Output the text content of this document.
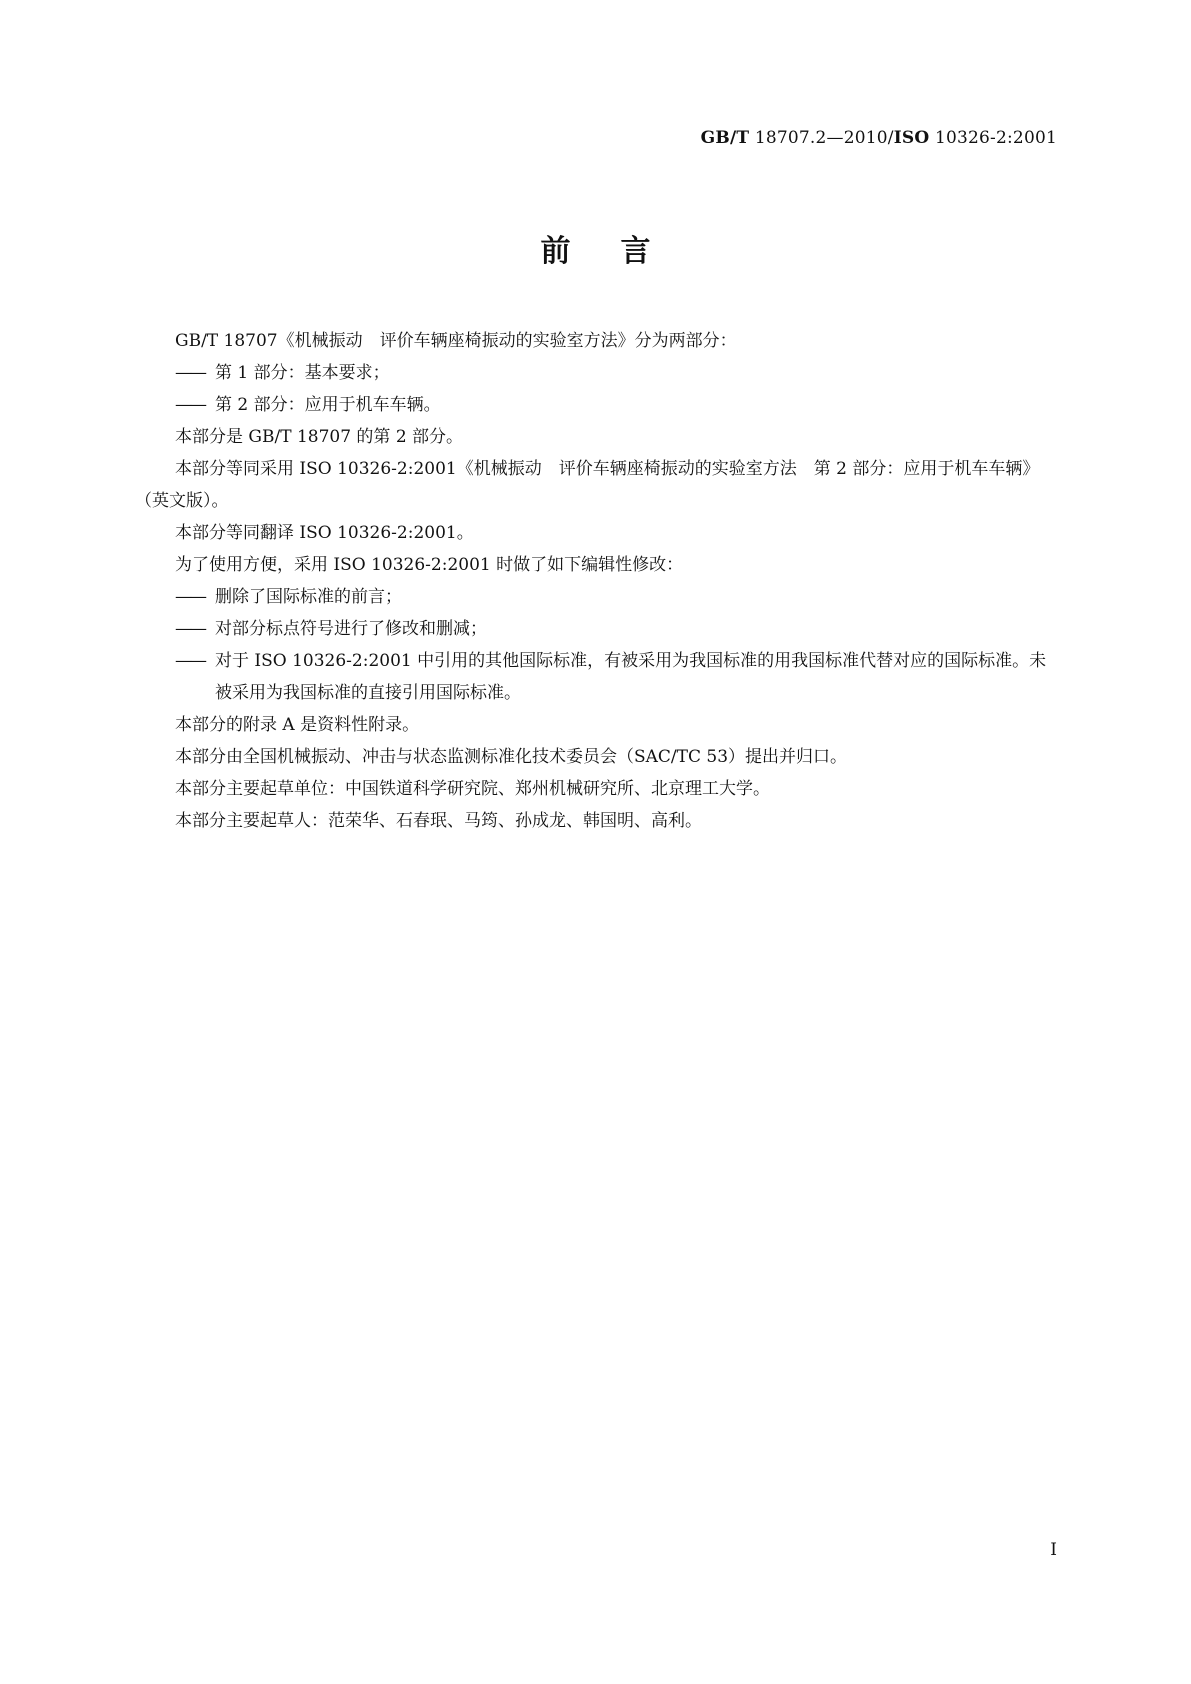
GB/T 18707.2—2010/ISO 10326-2:2001
前言

GB/T 18707《机械振动　评价车辆座椅振动的实验室方法》分为两部分：

—— 第 1 部分：基本要求；

—— 第 2 部分：应用于机车车辆。

本部分是 GB/T 18707 的第 2 部分。

本部分等同采用 ISO 10326-2:2001《机械振动　评价车辆座椅振动的实验室方法　第 2 部分：应用于机车车辆》（英文版）。

本部分等同翻译 ISO 10326-2:2001。

为了使用方便，采用 ISO 10326-2:2001 时做了如下编辑性修改：

—— 删除了国际标准的前言；

—— 对部分标点符号进行了修改和删减；

—— 对于 ISO 10326-2:2001 中引用的其他国际标准，有被采用为我国标准的用我国标准代替对应的国际标准。未被采用为我国标准的直接引用国际标准。

本部分的附录 A 是资料性附录。

本部分由全国机械振动、冲击与状态监测标准化技术委员会（SAC/TC 53）提出并归口。

本部分主要起草单位：中国铁道科学研究院、郑州机械研究所、北京理工大学。

本部分主要起草人：范荣华、石春珉、马筠、孙成龙、韩国明、高利。

I
